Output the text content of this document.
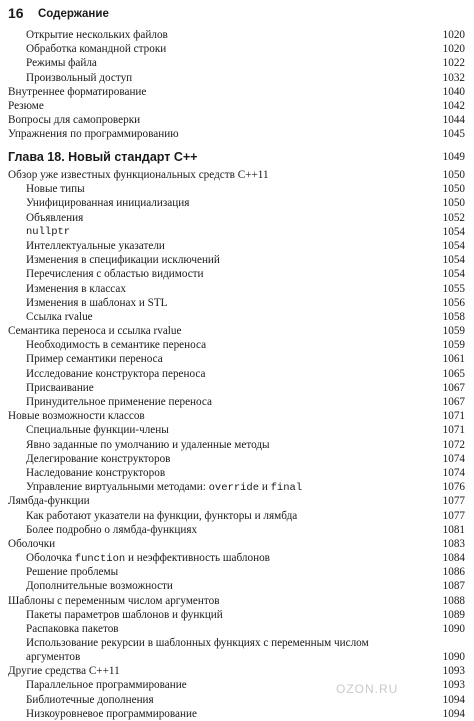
16 Содержание
Открытие нескольких файлов	1020
Обработка командной строки	1020
Режимы файла	1022
Произвольный доступ	1032
Внутреннее форматирование	1040
Резюме	1042
Вопросы для самопроверки	1044
Упражнения по программированию	1045
Глава 18. Новый стандарт С++	1049
Обзор уже известных функциональных средств С++11	1050
Новые типы	1050
Унифицированная инициализация	1050
Объявления	1052
nullptr	1054
Интеллектуальные указатели	1054
Изменения в спецификации исключений	1054
Перечисления с областью видимости	1054
Изменения в классах	1055
Изменения в шаблонах и STL	1056
Ссылка rvalue	1058
Семантика переноса и ссылка rvalue	1059
Необходимость в семантике переноса	1059
Пример семантики переноса	1061
Исследование конструктора переноса	1065
Присваивание	1067
Принудительное применение переноса	1067
Новые возможности классов	1071
Специальные функции-члены	1071
Явно заданные по умолчанию и удаленные методы	1072
Делегирование конструкторов	1074
Наследование конструкторов	1074
Управление виртуальными методами: override и final	1076
Лямбда-функции	1077
Как работают указатели на функции, функторы и лямбда	1077
Более подробно о лямбда-функциях	1081
Оболочки	1083
Оболочка function и неэффективность шаблонов	1084
Решение проблемы	1086
Дополнительные возможности	1087
Шаблоны с переменным числом аргументов	1088
Пакеты параметров шаблонов и функций	1089
Распаковка пакетов	1090
Использование рекурсии в шаблонных функциях с переменным числом аргументов	1090
Другие средства С++11	1093
Параллельное программирование	1093
Библиотечные дополнения	1094
Низкоуровневое программирование	1094
OZON.RU
